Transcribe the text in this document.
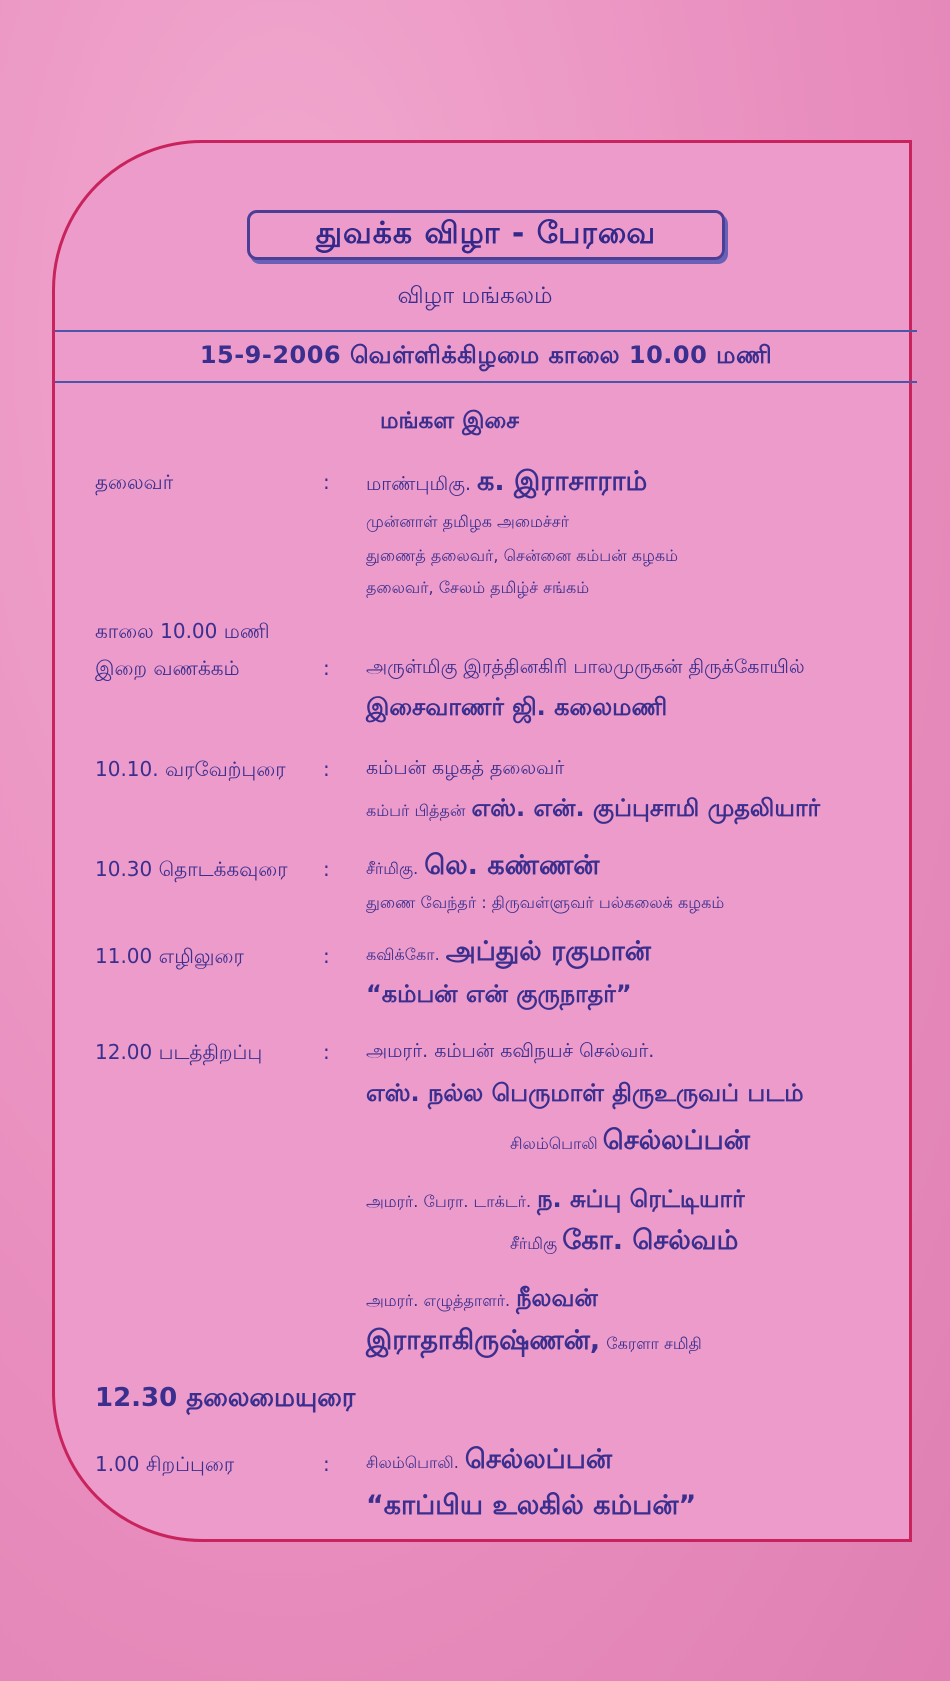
துவக்க விழா - பேரவை
விழா மங்கலம்
15-9-2006 வெள்ளிக்கிழமை காலை 10.00 மணி
மங்கள இசை
தலைவர்	: மாண்புமிகு. க. இராசாராம்
முன்னாள் தமிழக அமைச்சர்
துணைத் தலைவர், சென்னை கம்பன் கழகம்
தலைவர், சேலம் தமிழ்ச் சங்கம்
காலை 10.00 மணி
இறை வணக்கம்	: அருள்மிகு இரத்தினகிரி பாலமுருகன் திருக்கோயில்
இசைவாணர் ஜி. கலைமணி
10.10. வரவேற்புரை : கம்பன் கழகத் தலைவர்
கம்பர் பித்தன் எஸ். என். குப்புசாமி முதலியார்
10.30 தொடக்கவுரை : சீர்மிகு. லெ. கண்ணன்
துணை வேந்தர் : திருவள்ளுவர் பல்கலைக் கழகம்
11.00 எழிலுரை	: கவிக்கோ. அப்துல் ரகுமான்
“கம்பன் என் குருநாதர்”
12.00 படத்திறப்பு	: அமரர். கம்பன் கவிநயச் செல்வர்.
எஸ். நல்ல பெருமாள் திருஉருவப் படம்
சிலம்பொலி செல்லப்பன்
அமரர். பேரா. டாக்டர். ந. சுப்பு ரெட்டியார்
சீர்மிகு கோ. செல்வம்
அமரர். எழுத்தாளர். நீலவன்
இராதாகிருஷ்ணன், கேரளா சமிதி
12.30 தலைமையுரை
1.00 சிறப்புரை	: சிலம்பொலி. செல்லப்பன்
“காப்பிய உலகில் கம்பன்”
